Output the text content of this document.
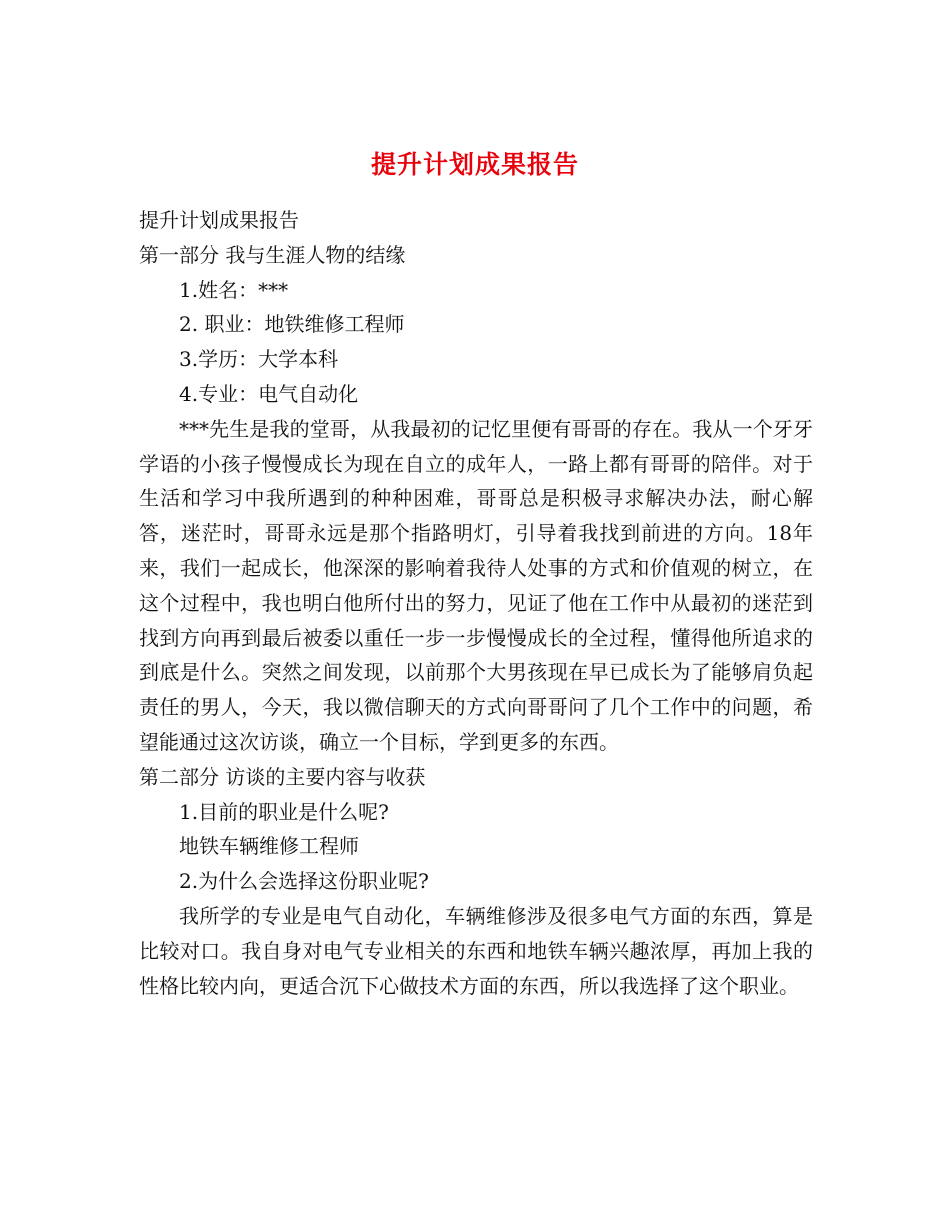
提升计划成果报告

提升计划成果报告

第一部分 我与生涯人物的结缘

1.姓名：***

2. 职业：地铁维修工程师

3.学历：大学本科

4.专业：电气自动化

***先生是我的堂哥，从我最初的记忆里便有哥哥的存在。我从一个牙牙学语的小孩子慢慢成长为现在自立的成年人，一路上都有哥哥的陪伴。对于生活和学习中我所遇到的种种困难，哥哥总是积极寻求解决办法，耐心解答，迷茫时，哥哥永远是那个指路明灯，引导着我找到前进的方向。18年来，我们一起成长，他深深的影响着我待人处事的方式和价值观的树立，在这个过程中，我也明白他所付出的努力，见证了他在工作中从最初的迷茫到找到方向再到最后被委以重任一步一步慢慢成长的全过程，懂得他所追求的到底是什么。突然之间发现，以前那个大男孩现在早已成长为了能够肩负起责任的男人，今天，我以微信聊天的方式向哥哥问了几个工作中的问题，希望能通过这次访谈，确立一个目标，学到更多的东西。

第二部分 访谈的主要内容与收获

1.目前的职业是什么呢?

地铁车辆维修工程师

2.为什么会选择这份职业呢?

我所学的专业是电气自动化，车辆维修涉及很多电气方面的东西，算是比较对口。我自身对电气专业相关的东西和地铁车辆兴趣浓厚，再加上我的性格比较内向，更适合沉下心做技术方面的东西，所以我选择了这个职业。
